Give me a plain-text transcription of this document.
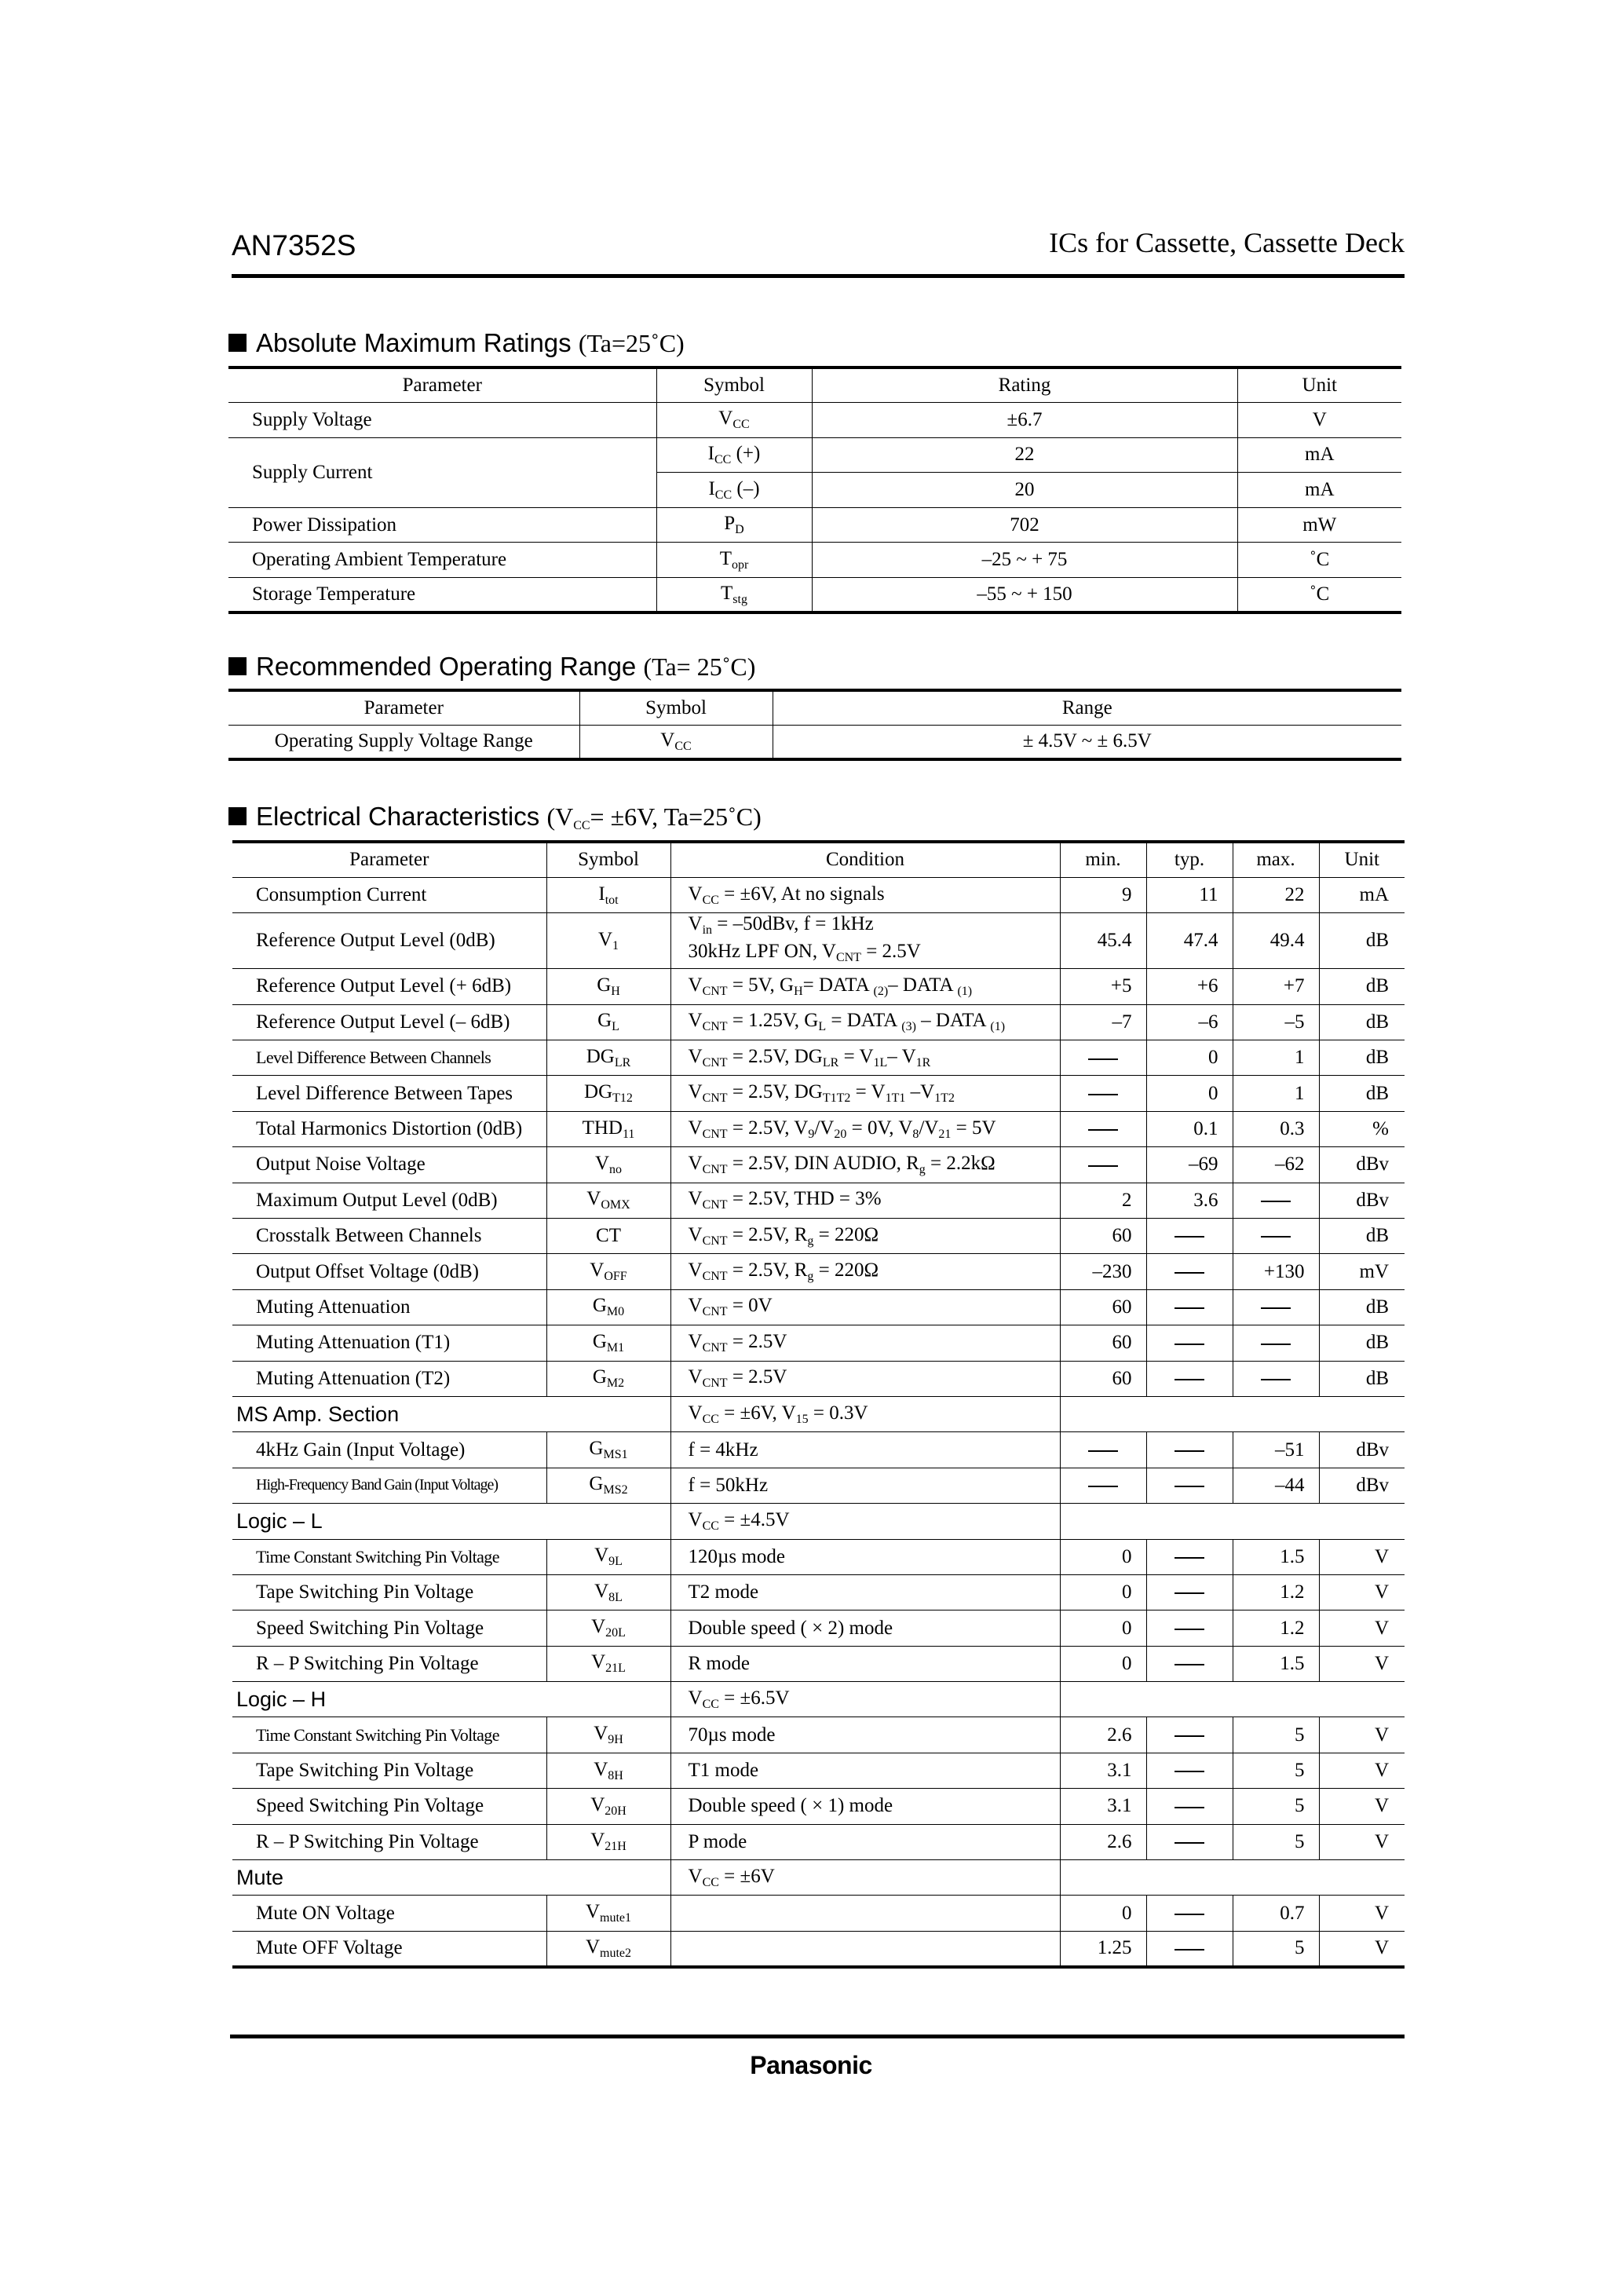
AN7352S	ICs for Cassette, Cassette Deck
Absolute Maximum Ratings (Ta=25˚C)
Parameter	Symbol	Rating	Unit
Supply Voltage	$V_{CC}$	±6.7	V
Supply Current	$I_{CC}$ (+)	22	mA
	$I_{CC}$ (–)	20	mA
Power Dissipation	$P_D$	702	mW
Operating Ambient Temperature	$T_{opr}$	–25 ~ + 75	˚C
Storage Temperature	$T_{stg}$	–55 ~ + 150	˚C
Recommended Operating Range (Ta= 25˚C)
Parameter	Symbol	Range
Operating Supply Voltage Range	$V_{CC}$	± 4.5V ~ ± 6.5V
Electrical Characteristics ($V_{CC}= \pm 6V$, Ta=25˚C)
Parameter	Symbol	Condition	min.	typ.	max.	Unit
Consumption Current	$I_{tot}$	$V_{CC} = \pm 6V$, At no signals	9	11	22	mA
Reference Output Level (0dB)	$V_1$	$V_{in} = -50dBv$, f = 1kHz
30kHz LPF ON, $V_{CNT} = 2.5V$	45.4	47.4	49.4	dB
Reference Output Level (+ 6dB)	$G_H$	$V_{CNT} = 5V$, $G_H=$ DATA $_{(2)}$– DATA $_{(1)}$	+5	+6	+7	dB
Reference Output Level (– 6dB)	$G_L$	$V_{CNT} = 1.25V$, $G_L$ = DATA $_{(3)}$ – DATA $_{(1)}$	–7	–6	–5	dB
Level Difference Between Channels	$DG_{LR}$	$V_{CNT} = 2.5V$, $DG_{LR} = V_{1L}-$ $V_{1R}$		0	1	dB
Level Difference Between Tapes	$DG_{T12}$	$V_{CNT} = 2.5V$, $DG_{T1T2} = V_{1T1}$ $-V_{1T2}$		0	1	dB
Total Harmonics Distortion (0dB)	$THD_{11}$	$V_{CNT} = 2.5V$, $V_9/V_{20} = 0V$, $V_8/V_{21} = 5V$		0.1	0.3	%
Output Noise Voltage	$V_{no}$	$V_{CNT} = 2.5V$, DIN AUDIO, $R_g = 2.2k\Omega$		–69	–62	dBv
Maximum Output Level (0dB)	$V_{OMX}$	$V_{CNT} = 2.5V$, THD = 3%	2	3.6		dBv
Crosstalk Between Channels	CT	$V_{CNT} = 2.5V$, $R_g = 220\Omega$	60			dB
Output Offset Voltage (0dB)	$V_{OFF}$	$V_{CNT} = 2.5V$, $R_g = 220\Omega$	–230		+130	mV
Muting Attenuation	$G_{M0}$	$V_{CNT} = 0V$	60			dB
Muting Attenuation (T1)	$G_{M1}$	$V_{CNT} = 2.5V$	60			dB
Muting Attenuation (T2)	$G_{M2}$	$V_{CNT} = 2.5V$	60			dB
MS Amp. Section		$V_{CC} = \pm 6V$, $V_{15} = 0.3V$				
4kHz Gain (Input Voltage)	$G_{MS1}$	f = 4kHz			–51	dBv
High-Frequency Band Gain (Input Voltage)	$G_{MS2}$	f = 50kHz			–44	dBv
Logic – L		$V_{CC} = \pm 4.5V$				
Time Constant Switching Pin Voltage	$V_{9L}$	120µs mode	0		1.5	V
Tape Switching Pin Voltage	$V_{8L}$	T2 mode	0		1.2	V
Speed Switching Pin Voltage	$V_{20L}$	Double speed ( × 2) mode	0		1.2	V
R – P Switching Pin Voltage	$V_{21L}$	R mode	0		1.5	V
Logic – H		$V_{CC} = \pm 6.5V$				
Time Constant Switching Pin Voltage	$V_{9H}$	70µs mode	2.6		5	V
Tape Switching Pin Voltage	$V_{8H}$	T1 mode	3.1		5	V
Speed Switching Pin Voltage	$V_{20H}$	Double speed ( × 1) mode	3.1		5	V
R – P Switching Pin Voltage	$V_{21H}$	P mode	2.6		5	V
Mute		$V_{CC} = \pm 6V$				
Mute ON Voltage	$V_{mute1}$		0		0.7	V
Mute OFF Voltage	$V_{mute2}$		1.25		5	V
Panasonic
